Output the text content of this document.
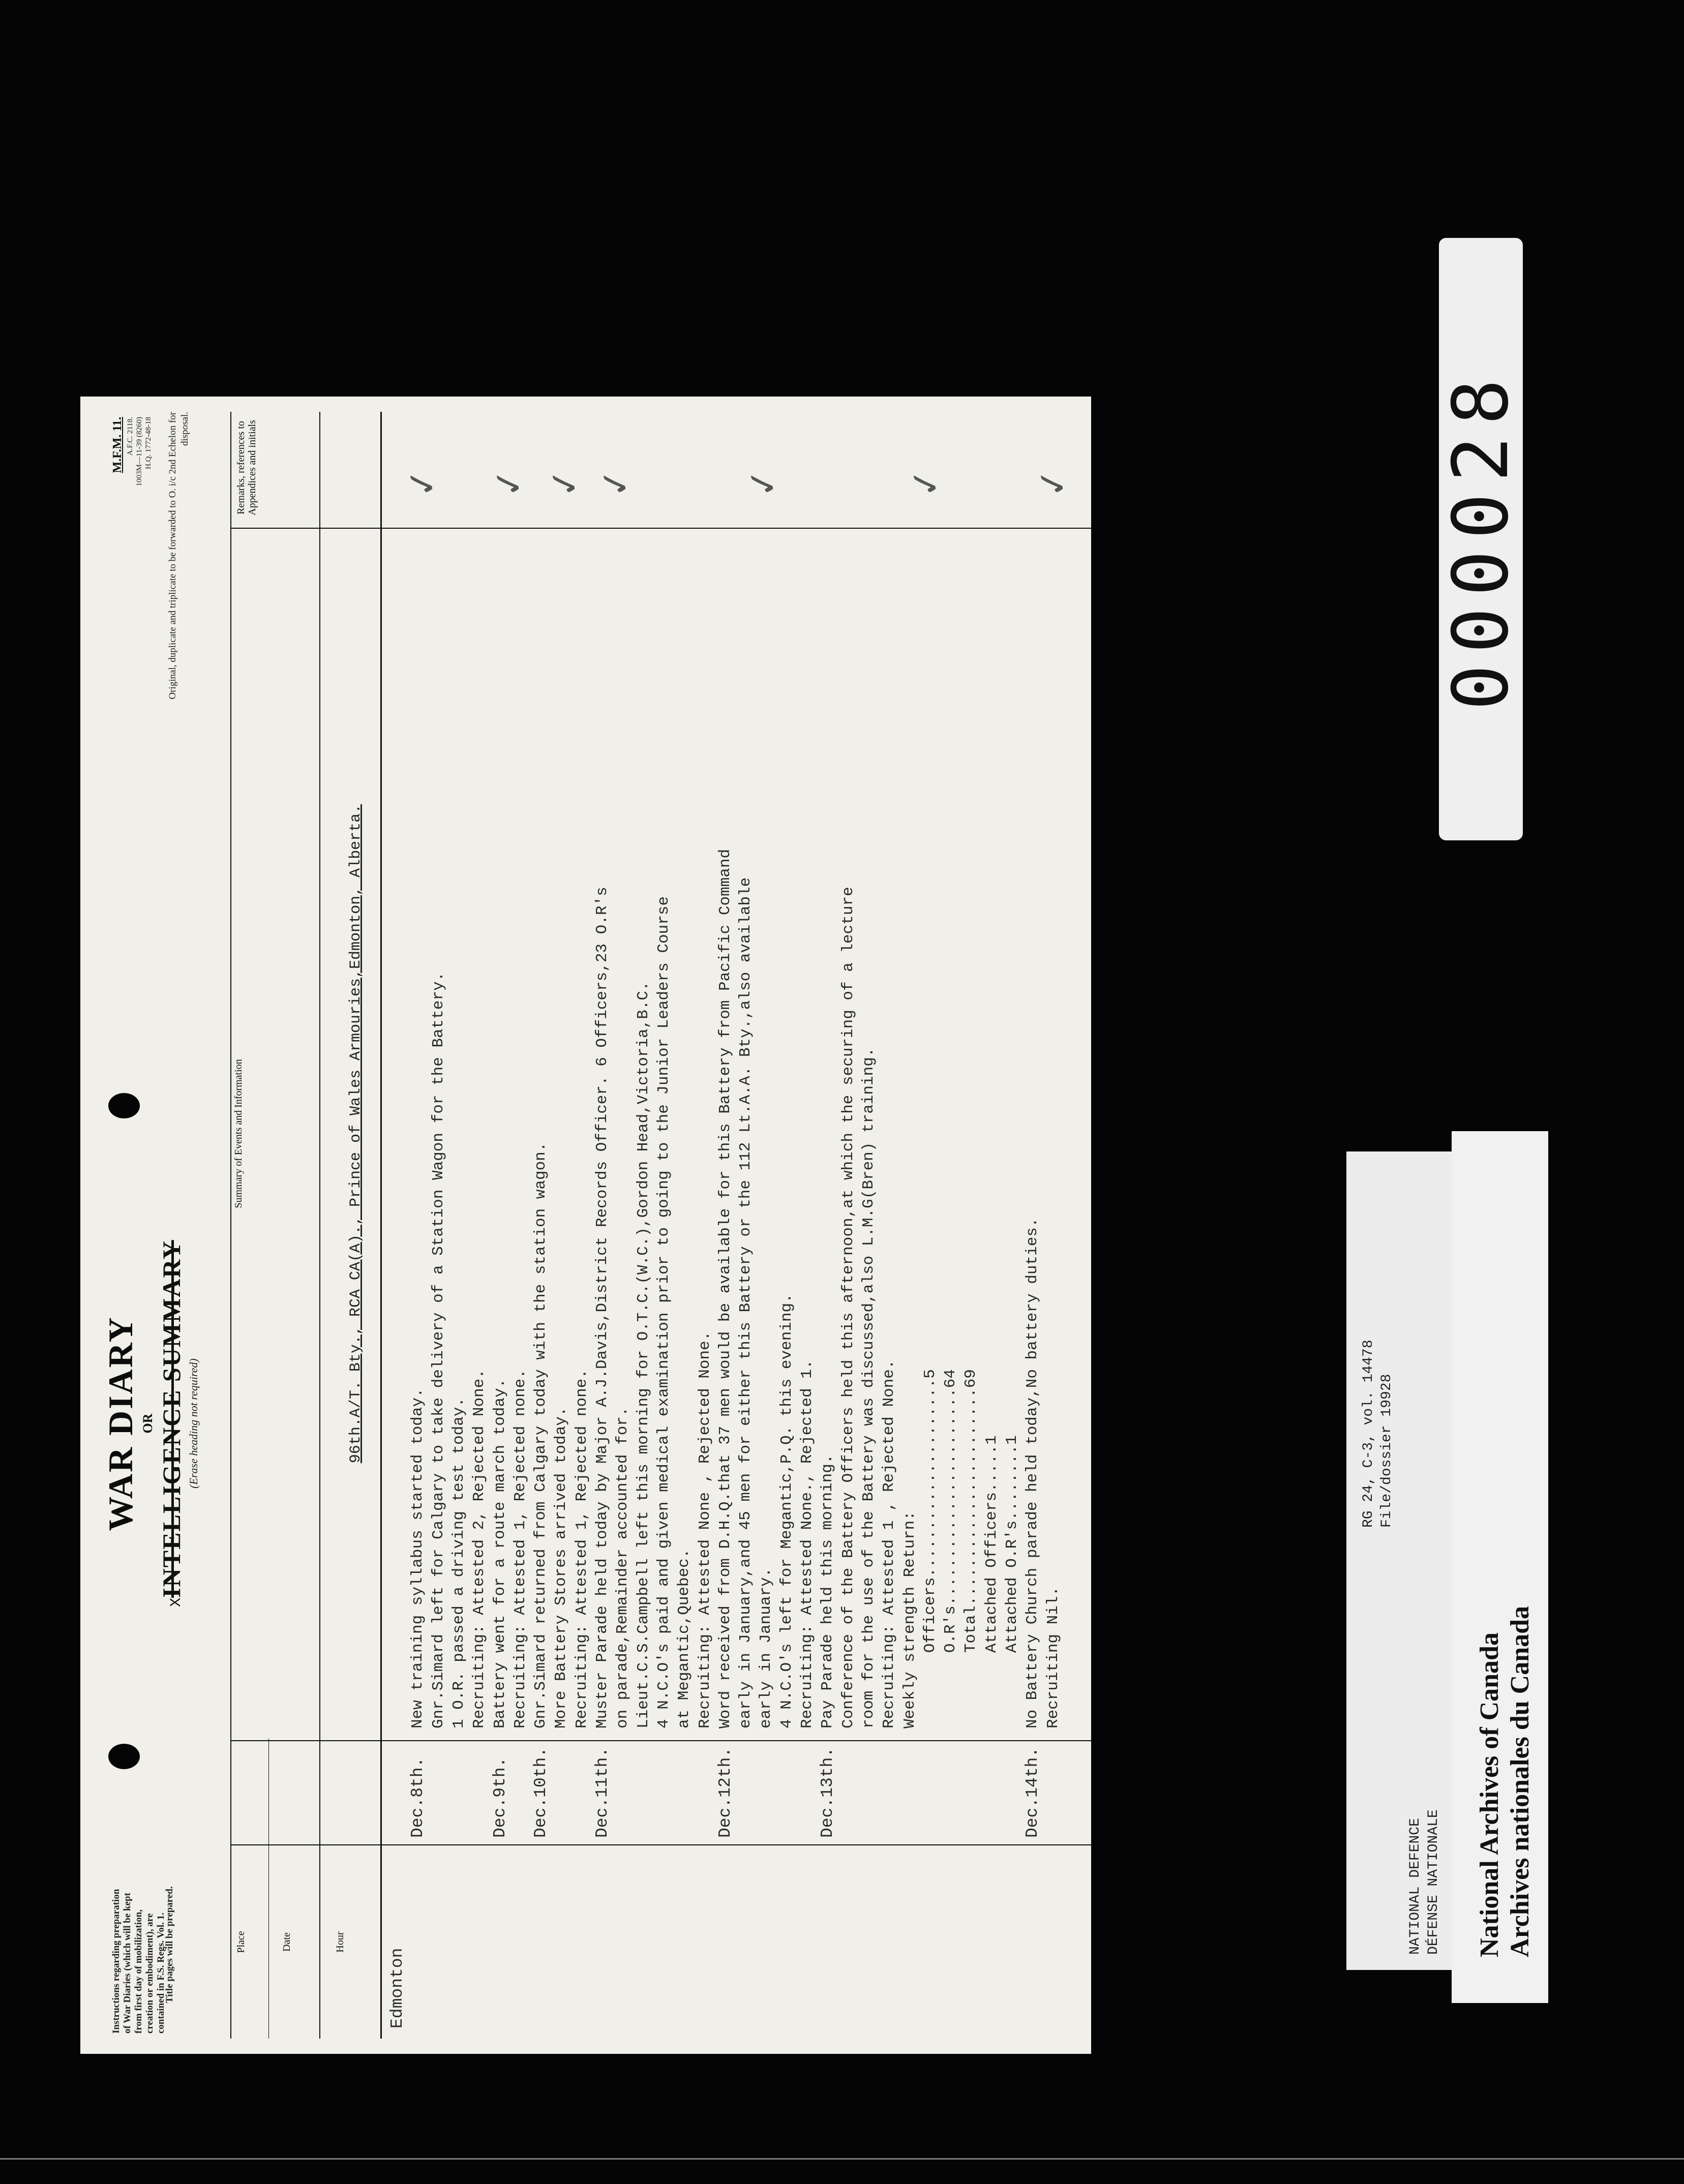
Instructions regarding preparation of War Diaries (which will be kept from first day of mobilization, creation or embodiment), are contained in F.S. Regs. Vol. 1.
Title pages will be prepared.
WAR DIARY OR
XINTELLIGENCE SUMMARY (Erase heading not required)
M.F.M. 11. A.F.C. 2118. 1003M—11-39 (8260) H.Q. 1772-48-18 Original, duplicate and triplicate to be forwarded to O. i/c 2nd Echelon for disposal.
Place	Date	Hour
Summary of Events and Information
Remarks, references to Appendices and initials
96th.A/T. Bty., RCA CA(A)., Prince of Wales Armouries,Edmonton, Alberta.
Edmonton
Dec.8th.
New training syllabus started today. Gnr.Simard left for Calgary to take delivery of a Station Wagon for the Battery. 1 O.R. passed a driving test today. Recruiting: Attested 2, Rejected None.
Dec.9th.
Battery went for a route march today. Recruiting: Attested 1, Rejected none.
Dec.10th.
Gnr.Simard returned from Calgary today with the station wagon. More Battery Stores arrived today. Recruiting: Attested 1, Rejected none.
Dec.11th.
Muster Parade held today by Major A.J.Davis,District Records Officer. 6 Officers,23 O.R's on parade,Remainder accounted for. Lieut.C.S.Campbell left this morning for O.T.C.(W.C.),Gordon Head,Victoria,B.C. 4 N.C.O's paid and given medical examination prior to going to the Junior Leaders Course at Megantic,Quebec. Recruiting: Attested None , Rejected None.
Dec.12th.
Word received from D.H.Q.that 37 men would be available for this Battery from Pacific Command early in January,and 45 men for either this Battery or the 112 Lt.A.A. Bty.,also available early in January. 4 N.C.O's left for Megantic,P.Q. this evening. Recruiting: Attested None., Rejected 1.
Dec.13th.
Pay Parade held this morning. Conference of the Battery Officers held this afternoon,at which the securing of a lecture room for the use of the Battery was discussed,also L.M.G(Bren) training. Recruiting: Attested 1 , Rejected None. Weekly strength Return: Officers.....................5 O.R's.......................64 Total.......................69 Attached Officers.....1 Attached O.R's........1
Dec.14th.
No Battery Church parade held today,No battery duties. Recruiting Nil.
✓ ✓ ✓ ✓	✓	✓ ✓	000028
NATIONAL DEFENCE DÉFENSE NATIONALE
RG 24, C-3, vol. 14478 File/dossier 19928
National Archives of Canada Archives nationales du Canada
